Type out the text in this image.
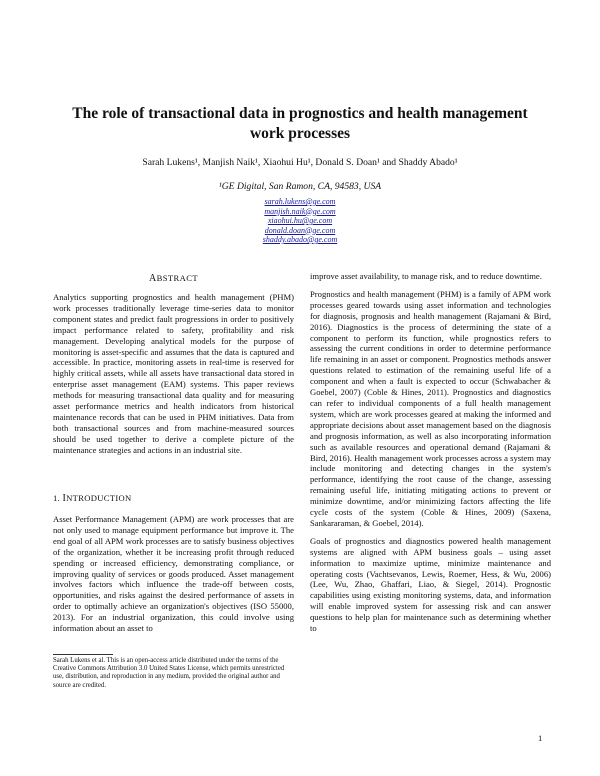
The role of transactional data in prognostics and health management
work processes
Sarah Lukens¹, Manjish Naik¹, Xiaohui Hu¹, Donald S. Doan¹ and Shaddy Abado¹
¹GE Digital, San Ramon, CA, 94583, USA
sarah.lukens@ge.com
manjish.naik@ge.com
xiaohui.hu@ge.com
donald.doan@ge.com
shaddy.abado@ge.com
ABSTRACT

Analytics supporting prognostics and health management (PHM) work processes traditionally leverage time-series data to monitor component states and predict fault progressions in order to positively impact performance related to safety, profitability and risk management. Developing analytical models for the purpose of monitoring is asset-specific and assumes that the data is captured and accessible. In practice, monitoring assets in real-time is reserved for highly critical assets, while all assets have transactional data stored in enterprise asset management (EAM) systems. This paper reviews methods for measuring transactional data quality and for measuring asset performance metrics and health indicators from historical maintenance records that can be used in PHM initiatives. Data from both transactional sources and from machine-measured sources should be used together to derive a complete picture of the maintenance strategies and actions in an industrial site.

1. INTRODUCTION

Asset Performance Management (APM) are work processes that are not only used to manage equipment performance but improve it. The end goal of all APM work processes are to satisfy business objectives of the organization, whether it be increasing profit through reduced spending or increased efficiency, demonstrating compliance, or improving quality of services or goods produced. Asset management involves factors which influence the trade-off between costs, opportunities, and risks against the desired performance of assets in order to optimally achieve an organization's objectives (ISO 55000, 2013). For an industrial organization, this could involve using information about an asset to

Sarah Lukens et al. This is an open-access article distributed under the terms of the Creative Commons Attribution 3.0 United States License, which permits unrestricted use, distribution, and reproduction in any medium, provided the original author and source are credited.

improve asset availability, to manage risk, and to reduce downtime.

Prognostics and health management (PHM) is a family of APM work processes geared towards using asset information and technologies for diagnosis, prognosis and health management (Rajamani & Bird, 2016). Diagnostics is the process of determining the state of a component to perform its function, while prognostics refers to assessing the current conditions in order to determine performance life remaining in an asset or component. Prognostics methods answer questions related to estimation of the remaining useful life of a component and when a fault is expected to occur (Schwabacher & Goebel, 2007) (Coble & Hines, 2011). Prognostics and diagnostics can refer to individual components of a full health management system, which are work processes geared at making the informed and appropriate decisions about asset management based on the diagnosis and prognosis information, as well as also incorporating information such as available resources and operational demand (Rajamani & Bird, 2016). Health management work processes across a system may include monitoring and detecting changes in the system's performance, identifying the root cause of the change, assessing remaining useful life, initiating mitigating actions to prevent or minimize downtime, and/or minimizing factors affecting the life cycle costs of the system (Coble & Hines, 2009) (Saxena, Sankararaman, & Goebel, 2014).

Goals of prognostics and diagnostics powered health management systems are aligned with APM business goals – using asset information to maximize uptime, minimize maintenance and operating costs (Vachtsevanos, Lewis, Roemer, Hess, & Wu, 2006) (Lee, Wu, Zhao, Ghaffari, Liao, & Siegel, 2014). Prognostic capabilities using existing monitoring systems, data, and information will enable improved system for assessing risk and can answer questions to help plan for maintenance such as determining whether to

1
